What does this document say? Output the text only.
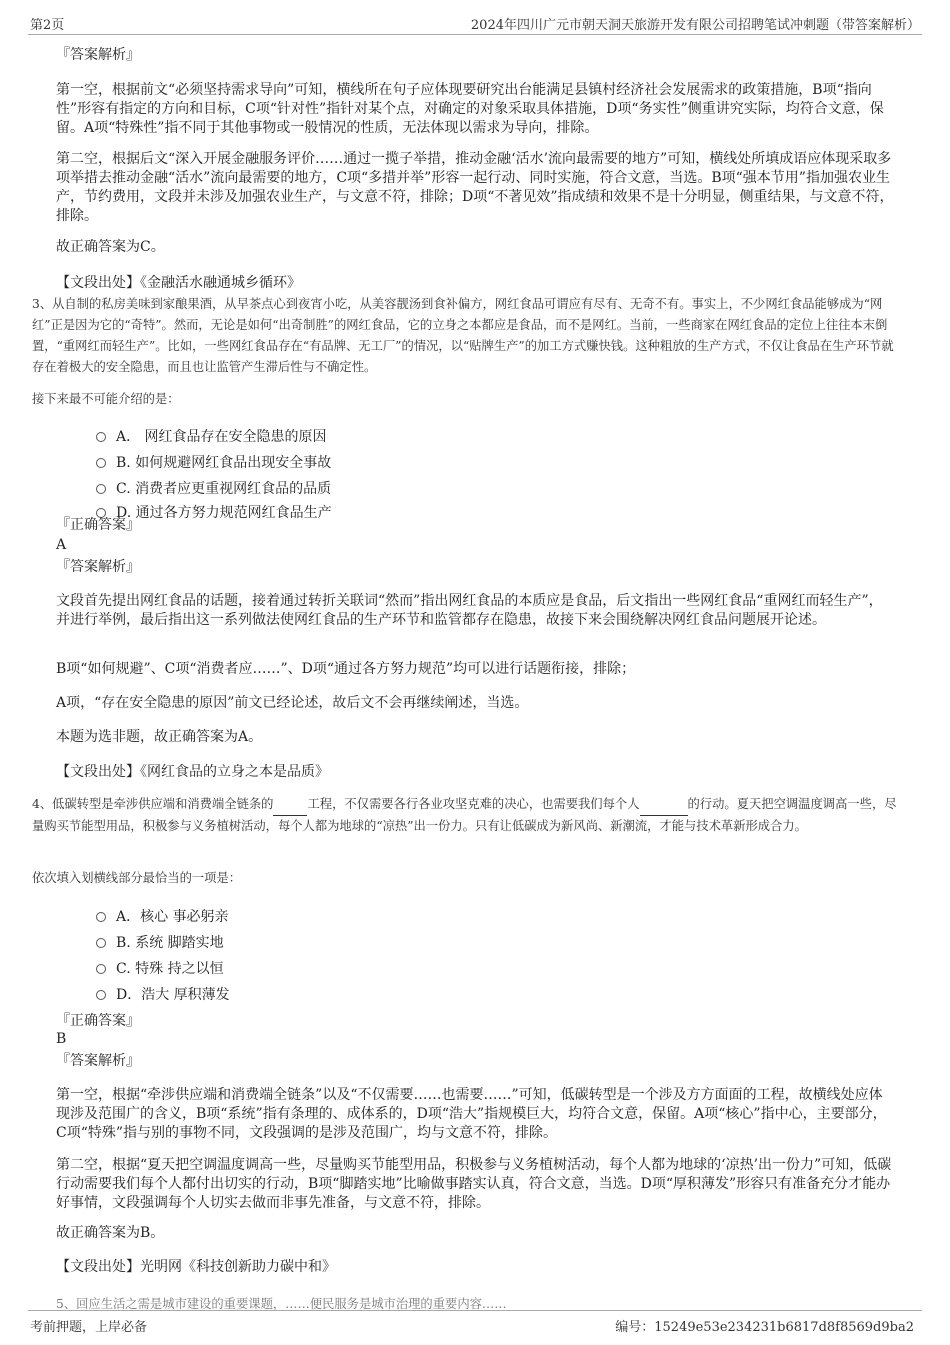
第2页	2024年四川广元市朝天洞天旅游开发有限公司招聘笔试冲刺题（带答案解析）
『答案解析』
第一空，根据前文“必须坚持需求导向”可知，横线所在句子应体现要研究出台能满足县镇村经济社会发展需求的政策措施，B项“指向性”形容有指定的方向和目标，C项“针对性”指针对某个点，对确定的对象采取具体措施，D项“务实性”侧重讲究实际，均符合文意，保留。A项“特殊性”指不同于其他事物或一般情况的性质，无法体现以需求为导向，排除。
第二空，根据后文“深入开展金融服务评价……通过一揽子举措，推动金融‘活水’流向最需要的地方”可知，横线处所填成语应体现采取多项举措去推动金融“活水”流向最需要的地方，C项“多措并举”形容一起行动、同时实施，符合文意，当选。B项“强本节用”指加强农业生产，节约费用，文段并未涉及加强农业生产，与文意不符，排除；D项“不著见效”指成绩和效果不是十分明显，侧重结果，与文意不符，排除。
故正确答案为C。
【文段出处】《金融活水融通城乡循环》
3、从自制的私房美味到家酿果酒，从早茶点心到夜宵小吃，从美容靓汤到食补偏方，网红食品可谓应有尽有、无奇不有。事实上，不少网红食品能够成为“网红”正是因为它的“奇特”。然而，无论是如何“出奇制胜”的网红食品，它的立身之本都应是食品，而不是网红。当前，一些商家在网红食品的定位上往往本末倒置，“重网红而轻生产”。比如，一些网红食品存在“有品牌、无工厂”的情况，以“贴牌生产”的加工方式赚快钱。这种粗放的生产方式，不仅让食品在生产环节就存在着极大的安全隐患，而且也让监管产生滞后性与不确定性。
接下来最不可能介绍的是：
A． 网红食品存在安全隐患的原因
B. 如何规避网红食品出现安全事故
C. 消费者应更重视网红食品的品质
D. 通过各方努力规范网红食品生产
『正确答案』
A
『答案解析』
文段首先提出网红食品的话题，接着通过转折关联词“然而”指出网红食品的本质应是食品，后文指出一些网红食品“重网红而轻生产”，并进行举例，最后指出这一系列做法使网红食品的生产环节和监管都存在隐患，故接下来会围绕解决网红食品问题展开论述。
B项“如何规避”、C项“消费者应……”、D项“通过各方努力规范”均可以进行话题衔接，排除；
A项，“存在安全隐患的原因”前文已经论述，故后文不会再继续阐述，当选。
本题为选非题，故正确答案为A。
【文段出处】《网红食品的立身之本是品质》
4、低碳转型是牵涉供应端和消费端全链条的	工程，不仅需要各行各业攻坚克难的决心，也需要我们每个人	的行动。夏天把空调温度调高一些，尽量购买节能型用品，积极参与义务植树活动，每个人都为地球的“凉热”出一份力。只有让低碳成为新风尚、新潮流，才能与技术革新形成合力。
依次填入划横线部分最恰当的一项是：
A．核心 事必躬亲
B. 系统 脚踏实地
C. 特殊 持之以恒
D．浩大 厚积薄发
『正确答案』
B
『答案解析』
第一空，根据“牵涉供应端和消费端全链条”以及“不仅需要……也需要……”可知，低碳转型是一个涉及方方面面的工程，故横线处应体现涉及范围广的含义，B项“系统”指有条理的、成体系的，D项“浩大”指规模巨大，均符合文意，保留。A项“核心”指中心，主要部分，C项“特殊”指与别的事物不同，文段强调的是涉及范围广，均与文意不符，排除。
第二空，根据“夏天把空调温度调高一些，尽量购买节能型用品，积极参与义务植树活动，每个人都为地球的‘凉热’出一份力”可知，低碳行动需要我们每个人都付出切实的行动，B项“脚踏实地”比喻做事踏实认真，符合文意，当选。D项“厚积薄发”形容只有准备充分才能办好事情，文段强调每个人切实去做而非事先准备，与文意不符，排除。
故正确答案为B。
【文段出处】光明网《科技创新助力碳中和》
5、回应生活之需是城市建设的重要课题，……便民服务是城市治理的重要内容……
考前押题，上岸必备	编号：15249e53e234231b6817d8f8569d9ba2
